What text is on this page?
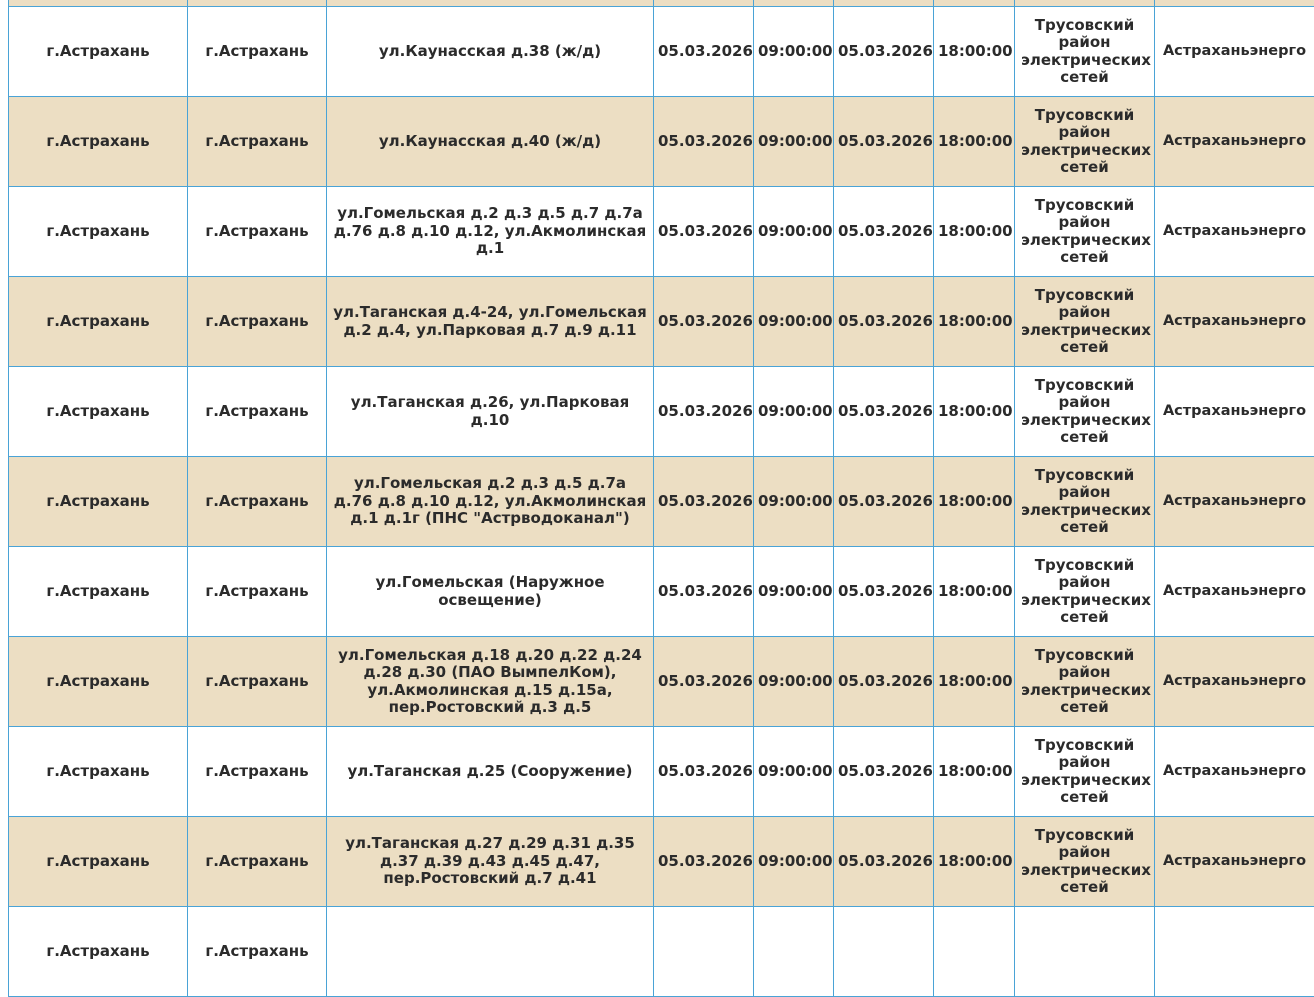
г.Астрахань	г.Астрахань	ул.Каунасская д.38 (ж/д)	05.03.2026	09:00:00	05.03.2026	18:00:00	Трусовский район электрических сетей	Астраханьэнерго
г.Астрахань	г.Астрахань	ул.Каунасская д.40 (ж/д)	05.03.2026	09:00:00	05.03.2026	18:00:00	Трусовский район электрических сетей	Астраханьэнерго
г.Астрахань	г.Астрахань	ул.Гомельская д.2 д.3 д.5 д.7 д.7а д.76 д.8 д.10 д.12, ул.Акмолинская д.1	05.03.2026	09:00:00	05.03.2026	18:00:00	Трусовский район электрических сетей	Астраханьэнерго
г.Астрахань	г.Астрахань	ул.Таганская д.4-24, ул.Гомельская д.2 д.4, ул.Парковая д.7 д.9 д.11	05.03.2026	09:00:00	05.03.2026	18:00:00	Трусовский район электрических сетей	Астраханьэнерго
г.Астрахань	г.Астрахань	ул.Таганская д.26, ул.Парковая д.10	05.03.2026	09:00:00	05.03.2026	18:00:00	Трусовский район электрических сетей	Астраханьэнерго
г.Астрахань	г.Астрахань	ул.Гомельская д.2 д.3 д.5 д.7а д.76 д.8 д.10 д.12, ул.Акмолинская д.1 д.1г (ПНС "Астрводоканал")	05.03.2026	09:00:00	05.03.2026	18:00:00	Трусовский район электрических сетей	Астраханьэнерго
г.Астрахань	г.Астрахань	ул.Гомельская (Наружное освещение)	05.03.2026	09:00:00	05.03.2026	18:00:00	Трусовский район электрических сетей	Астраханьэнерго
г.Астрахань	г.Астрахань	ул.Гомельская д.18 д.20 д.22 д.24 д.28 д.30 (ПАО ВымпелКом), ул.Акмолинская д.15 д.15а, пер.Ростовский д.3 д.5	05.03.2026	09:00:00	05.03.2026	18:00:00	Трусовский район электрических сетей	Астраханьэнерго
г.Астрахань	г.Астрахань	ул.Таганская д.25 (Сооружение)	05.03.2026	09:00:00	05.03.2026	18:00:00	Трусовский район электрических сетей	Астраханьэнерго
г.Астрахань	г.Астрахань	ул.Таганская д.27 д.29 д.31 д.35 д.37 д.39 д.43 д.45 д.47, пер.Ростовский д.7 д.41	05.03.2026	09:00:00	05.03.2026	18:00:00	Трусовский район электрических сетей	Астраханьэнерго
г.Астрахань	г.Астрахань							
